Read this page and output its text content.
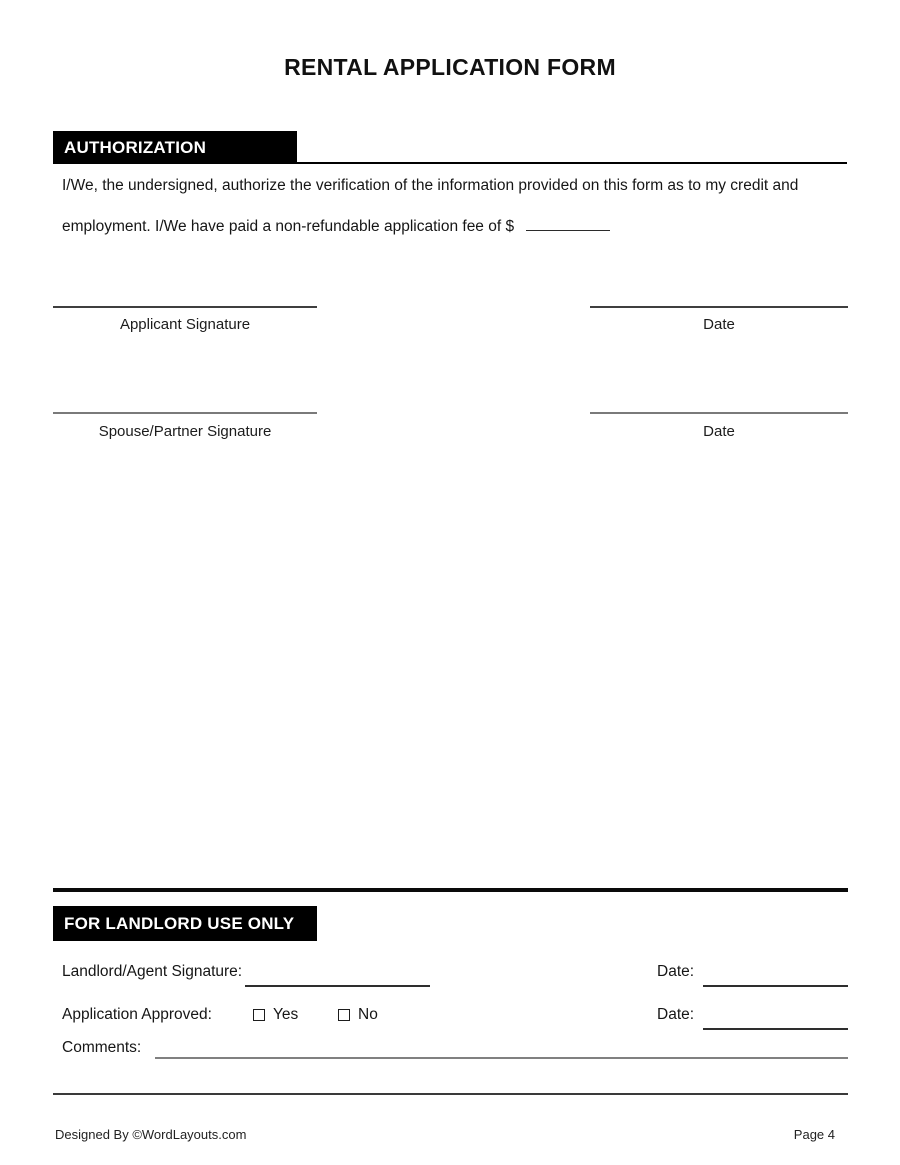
RENTAL APPLICATION FORM
AUTHORIZATION
I/We, the undersigned, authorize the verification of the information provided on this form as to my credit and
employment. I/We have paid a non-refundable application fee of $
Applicant Signature	Date
Spouse/Partner Signature	Date
FOR LANDLORD USE ONLY
Landlord/Agent Signature:	Date:
Application Approved:	Yes	No	Date:
Comments:
Designed By ©WordLayouts.com	Page 4
